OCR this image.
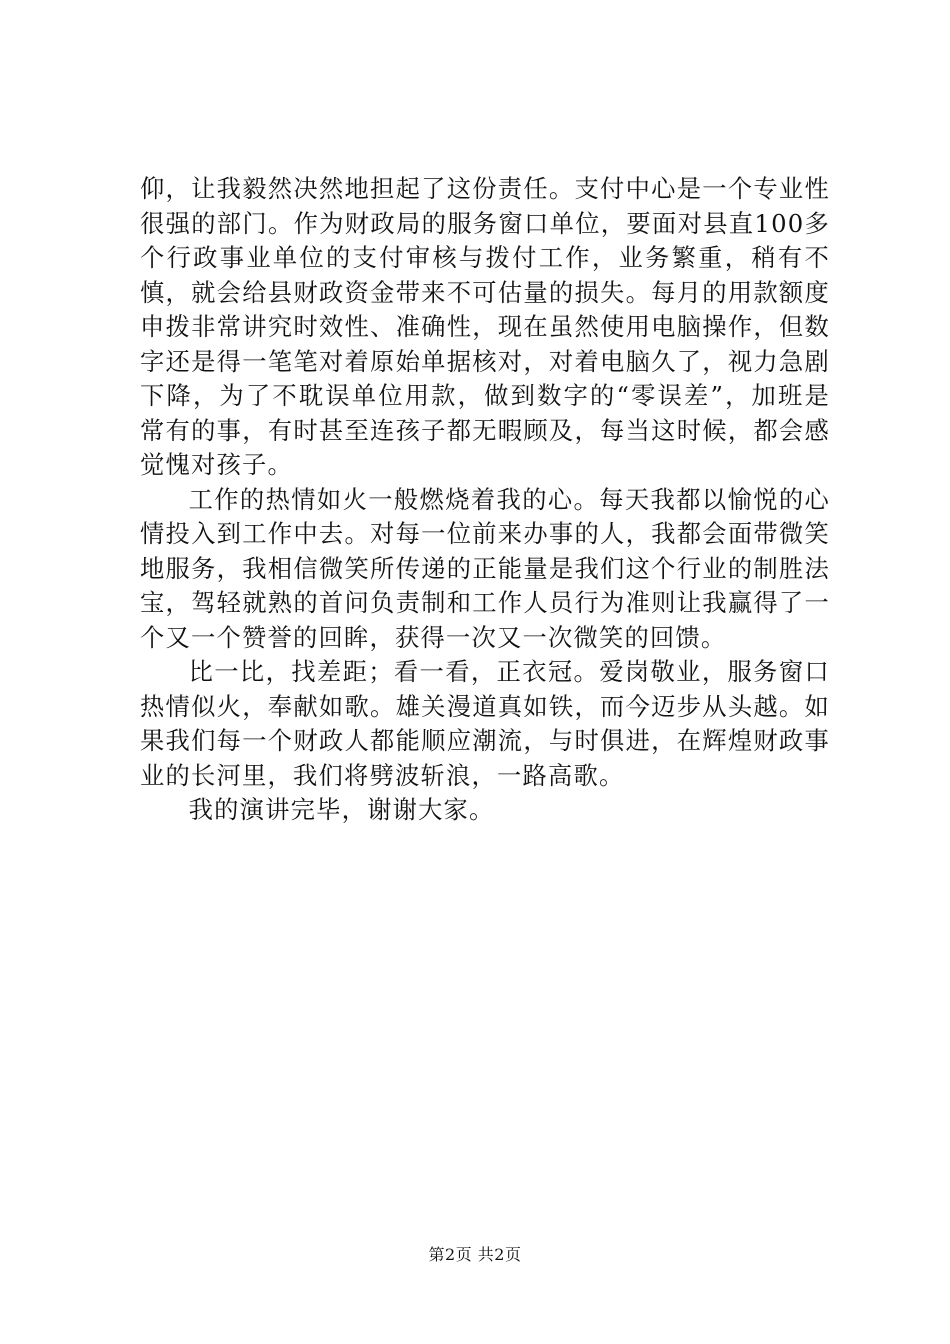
仰，让我毅然决然地担起了这份责任。支付中心是一个专业性很强的部门。作为财政局的服务窗口单位，要面对县直100多个行政事业单位的支付审核与拨付工作，业务繁重，稍有不慎，就会给县财政资金带来不可估量的损失。每月的用款额度申拨非常讲究时效性、准确性，现在虽然使用电脑操作，但数字还是得一笔笔对着原始单据核对，对着电脑久了，视力急剧下降，为了不耽误单位用款，做到数字的“零误差”，加班是常有的事，有时甚至连孩子都无暇顾及，每当这时候，都会感觉愧对孩子。

工作的热情如火一般燃烧着我的心。每天我都以愉悦的心情投入到工作中去。对每一位前来办事的人，我都会面带微笑地服务，我相信微笑所传递的正能量是我们这个行业的制胜法宝，驾轻就熟的首问负责制和工作人员行为准则让我赢得了一个又一个赞誉的回眸，获得一次又一次微笑的回馈。

比一比，找差距；看一看，正衣冠。爱岗敬业，服务窗口热情似火，奉献如歌。雄关漫道真如铁，而今迈步从头越。如果我们每一个财政人都能顺应潮流，与时俱进，在辉煌财政事业的长河里，我们将劈波斩浪，一路高歌。

我的演讲完毕，谢谢大家。

第2页 共2页
